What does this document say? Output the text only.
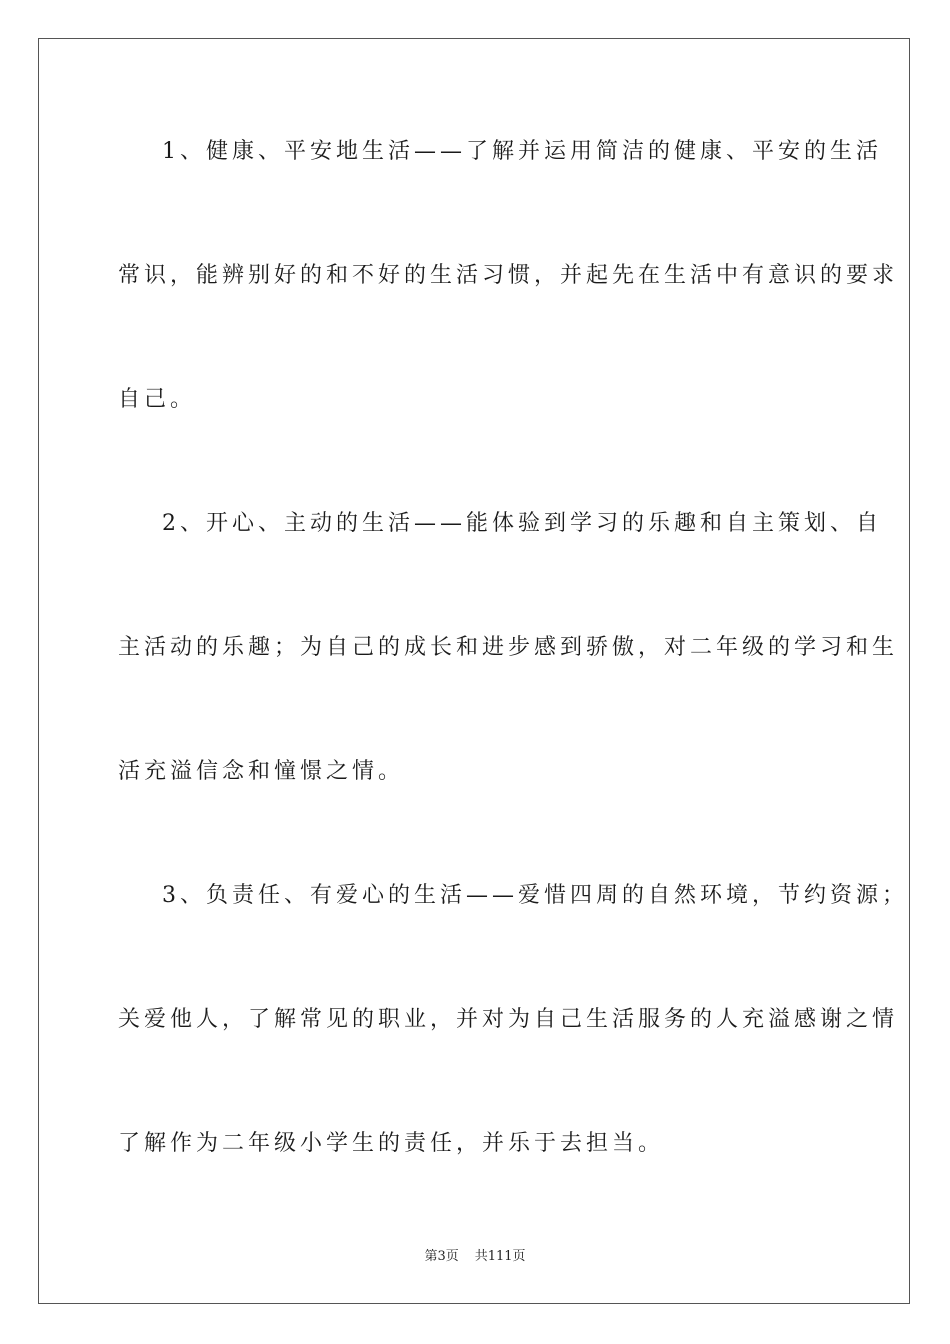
1、健康、平安地生活——了解并运用简洁的健康、平安的生活
常识，能辨别好的和不好的生活习惯，并起先在生活中有意识的要求
自己。
2、开心、主动的生活——能体验到学习的乐趣和自主策划、自
主活动的乐趣；为自己的成长和进步感到骄傲，对二年级的学习和生
活充溢信念和憧憬之情。
3、负责任、有爱心的生活——爱惜四周的自然环境，节约资源；
关爱他人，了解常见的职业，并对为自己生活服务的人充溢感谢之情
了解作为二年级小学生的责任，并乐于去担当。
第3页 共111页
